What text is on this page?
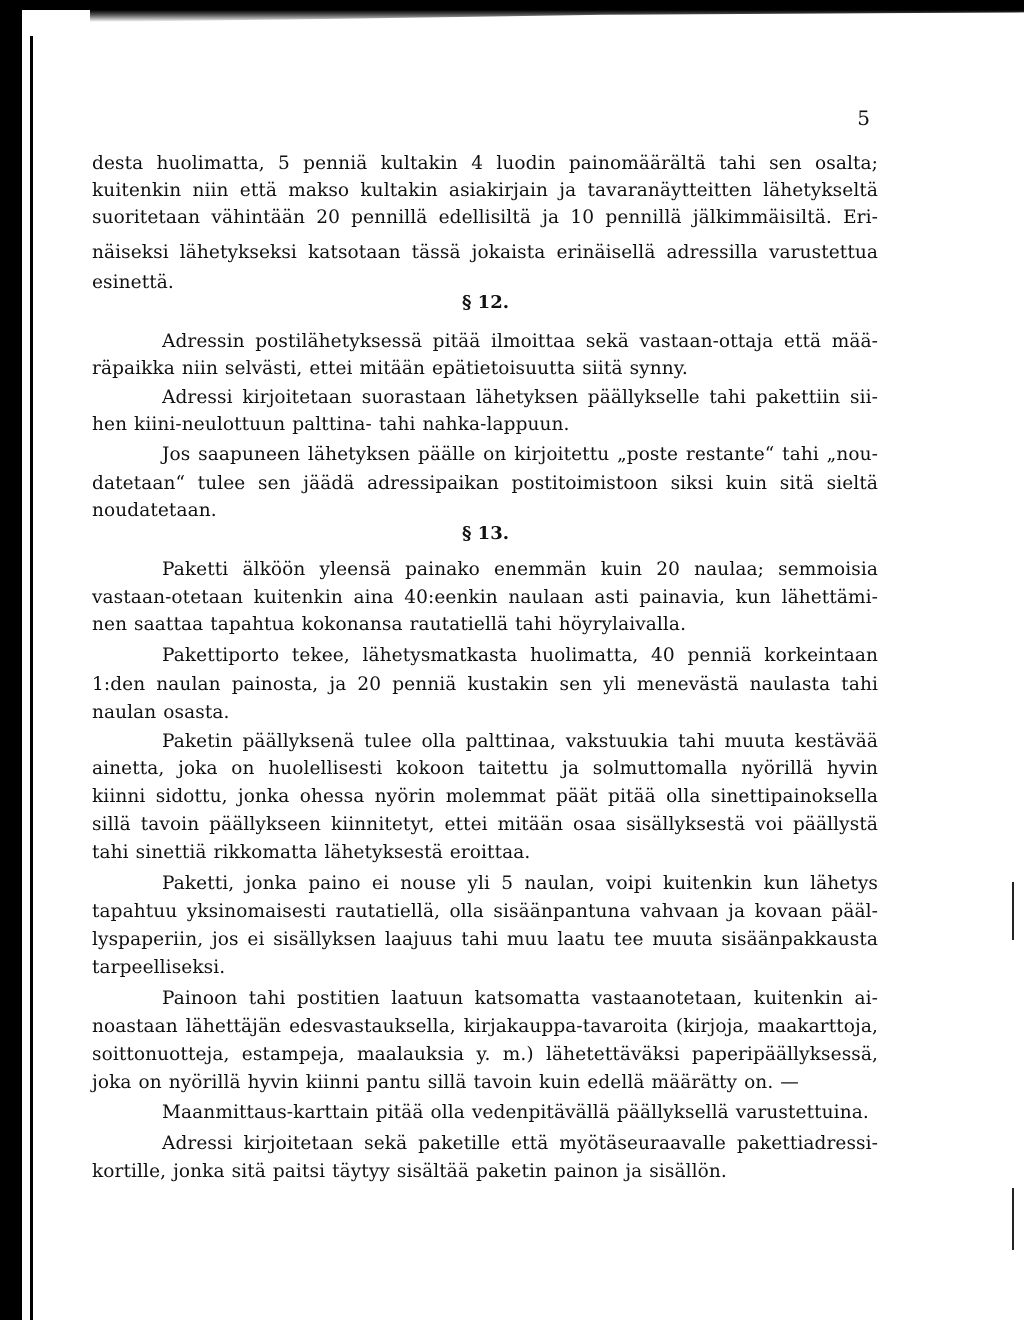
5
desta huolimatta, 5 penniä kultakin 4 luodin painomäärältä tahi sen osalta;
kuitenkin niin että makso kultakin asiakirjain ja tavaranäytteitten lähetykseltä
suoritetaan vähintään 20 pennillä edellisiltä ja 10 pennillä jälkimmäisiltä. Eri-
näiseksi lähetykseksi katsotaan tässä jokaista erinäisellä adressilla varustettua
esinettä.
§ 12.
Adressin postilähetyksessä pitää ilmoittaa sekä vastaan-ottaja että mää-
räpaikka niin selvästi, ettei mitään epätietoisuutta siitä synny.
Adressi kirjoitetaan suorastaan lähetyksen päällykselle tahi pakettiin sii-
hen kiini-neulottuun palttina- tahi nahka-lappuun.
Jos saapuneen lähetyksen päälle on kirjoitettu „poste restante“ tahi „nou-
datetaan“ tulee sen jäädä adressipaikan postitoimistoon siksi kuin sitä sieltä
noudatetaan.
§ 13.
Paketti älköön yleensä painako enemmän kuin 20 naulaa; semmoisia
vastaan-otetaan kuitenkin aina 40:eenkin naulaan asti painavia, kun lähettämi-
nen saattaa tapahtua kokonansa rautatiellä tahi höyrylaivalla.
Pakettiporto tekee, lähetysmatkasta huolimatta, 40 penniä korkeintaan
1:den naulan painosta, ja 20 penniä kustakin sen yli menevästä naulasta tahi
naulan osasta.
Paketin päällyksenä tulee olla palttinaa, vakstuukia tahi muuta kestävää
ainetta, joka on huolellisesti kokoon taitettu ja solmuttomalla nyörillä hyvin
kiinni sidottu, jonka ohessa nyörin molemmat päät pitää olla sinettipainoksella
sillä tavoin päällykseen kiinnitetyt, ettei mitään osaa sisällyksestä voi päällystä
tahi sinettiä rikkomatta lähetyksestä eroittaa.
Paketti, jonka paino ei nouse yli 5 naulan, voipi kuitenkin kun lähetys
tapahtuu yksinomaisesti rautatiellä, olla sisäänpantuna vahvaan ja kovaan pääl-
lyspaperiin, jos ei sisällyksen laajuus tahi muu laatu tee muuta sisäänpakkausta
tarpeelliseksi.
Painoon tahi postitien laatuun katsomatta vastaanotetaan, kuitenkin ai-
noastaan lähettäjän edesvastauksella, kirjakauppa-tavaroita (kirjoja, maakarttoja,
soittonuotteja, estampeja, maalauksia y. m.) lähetettäväksi paperipäällyksessä,
joka on nyörillä hyvin kiinni pantu sillä tavoin kuin edellä määrätty on. —
Maanmittaus-karttain pitää olla vedenpitävällä päällyksellä varustettuina.
Adressi kirjoitetaan sekä paketille että myötäseuraavalle pakettiadressi-
kortille, jonka sitä paitsi täytyy sisältää paketin painon ja sisällön.
